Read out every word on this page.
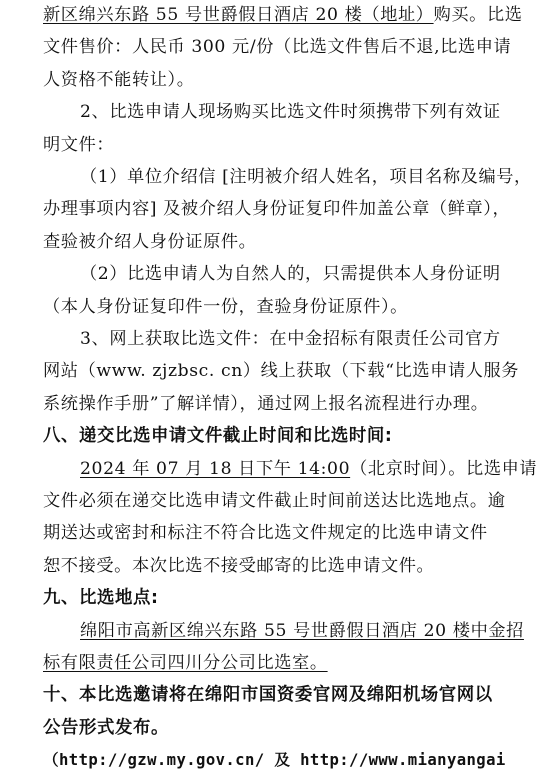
新区绵兴东路 55 号世爵假日酒店 20 楼（地址）购买。比选
文件售价：人民币 300 元/份（比选文件售后不退,比选申请
人资格不能转让）。
2、比选申请人现场购买比选文件时须携带下列有效证
明文件：
（1）单位介绍信 [注明被介绍人姓名，项目名称及编号，
办理事项内容] 及被介绍人身份证复印件加盖公章（鲜章），
查验被介绍人身份证原件。
（2）比选申请人为自然人的，只需提供本人身份证明
（本人身份证复印件一份，查验身份证原件）。
3、网上获取比选文件：在中金招标有限责任公司官方
网站（www. zjzbsc. cn）线上获取（下载“比选申请人服务
系统操作手册”了解详情），通过网上报名流程进行办理。
八、递交比选申请文件截止时间和比选时间:
2024 年 07 月 18 日下午 14:00（北京时间）。比选申请
文件必须在递交比选申请文件截止时间前送达比选地点。逾
期送达或密封和标注不符合比选文件规定的比选申请文件
恕不接受。本次比选不接受邮寄的比选申请文件。
九、比选地点:
绵阳市高新区绵兴东路 55 号世爵假日酒店 20 楼中金招
标有限责任公司四川分公司比选室。
十、本比选邀请将在绵阳市国资委官网及绵阳机场官网以
公告形式发布。
（http://gzw.my.gov.cn/ 及 http://www.mianyangai
